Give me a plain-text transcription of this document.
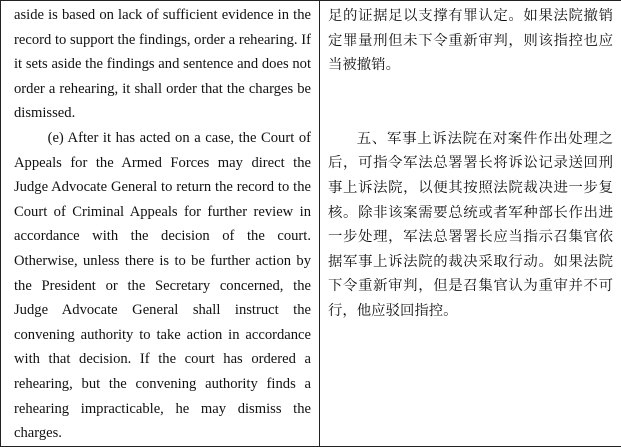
aside is based on lack of sufficient evidence in the record to support the findings, order a rehearing. If it sets aside the findings and sentence and does not order a rehearing, it shall order that the charges be dismissed.

(e) After it has acted on a case, the Court of Appeals for the Armed Forces may direct the Judge Advocate General to return the record to the Court of Criminal Appeals for further review in accordance with the decision of the court. Otherwise, unless there is to be further action by the President or the Secretary concerned, the Judge Advocate General shall instruct the convening authority to take action in accordance with that decision. If the court has ordered a rehearing, but the convening authority finds a rehearing impracticable, he may dismiss the charges.

足的证据足以支撑有罪认定。如果法院撤销定罪量刑但未下令重新审判，则该指控也应当被撤销。

五、军事上诉法院在对案件作出处理之后，可指令军法总署署长将诉讼记录送回刑事上诉法院，以便其按照法院裁决进一步复核。除非该案需要总统或者军种部长作出进一步处理，军法总署署长应当指示召集官依据军事上诉法院的裁决采取行动。如果法院下令重新审判，但是召集官认为重审并不可行，他应驳回指控。
